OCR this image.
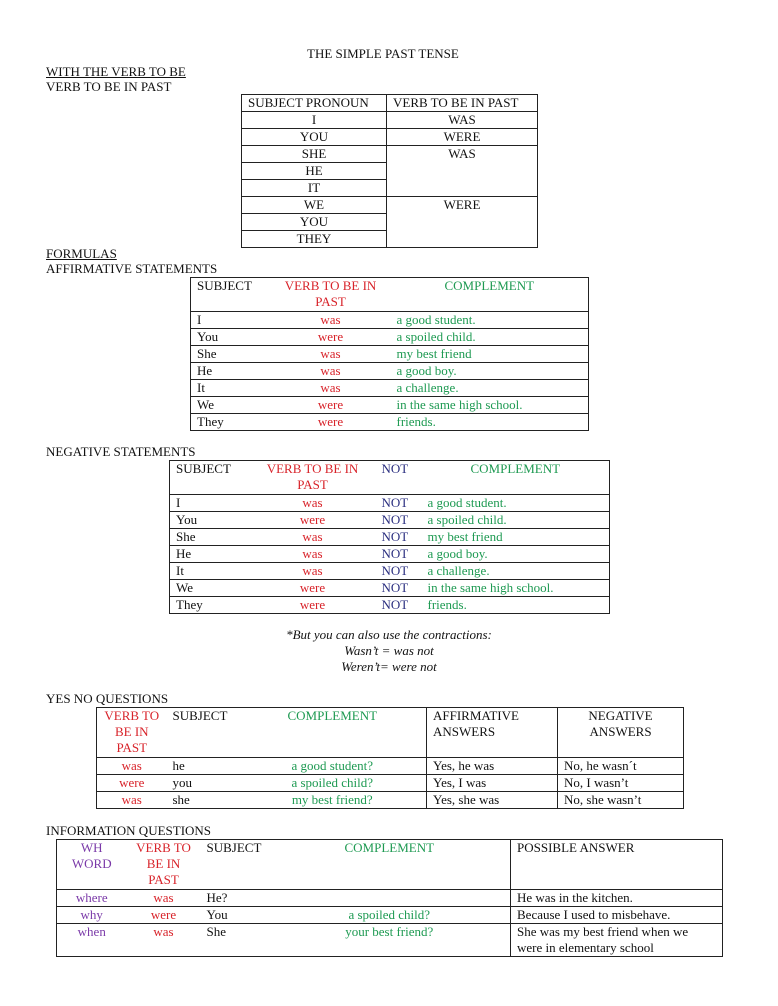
THE SIMPLE PAST TENSE
WITH THE VERB TO BE
VERB TO BE IN PAST
SUBJECT PRONOUN	VERB TO BE IN PAST
I	WAS
YOU	WERE
SHE	WAS
HE	
IT	
WE	WERE
YOU	
THEY	
FORMULAS
AFFIRMATIVE STATEMENTS
SUBJECT	VERB TO BE IN PAST	COMPLEMENT
I	was	a good student.
You	were	a spoiled child.
She	was	my best friend
He	was	a good boy.
It	was	a challenge.
We	were	in the same high school.
They	were	friends.
NEGATIVE STATEMENTS
SUBJECT	VERB TO BE IN PAST	NOT	COMPLEMENT
I	was	NOT	a good student.
You	were	NOT	a spoiled child.
She	was	NOT	my best friend
He	was	NOT	a good boy.
It	was	NOT	a challenge.
We	were	NOT	in the same high school.
They	were	NOT	friends.
*But you can also use the contractions:
Wasn’t = was not
Weren’t= were not
YES NO QUESTIONS
VERB TO BE IN PAST	SUBJECT	COMPLEMENT	AFFIRMATIVE ANSWERS	NEGATIVE ANSWERS
was	he	a good student?	Yes, he was	No, he wasn´t
were	you	a spoiled child?	Yes, I was	No, I wasn’t
was	she	my best friend?	Yes, she was	No, she wasn’t
INFORMATION QUESTIONS
WH WORD	VERB TO BE IN PAST	SUBJECT	COMPLEMENT	POSSIBLE ANSWER
where	was	He?		He was in the kitchen.
why	were	You	a spoiled child?	Because I used to misbehave.
when	was	She	your best friend?	She was my best friend when we were in elementary school
